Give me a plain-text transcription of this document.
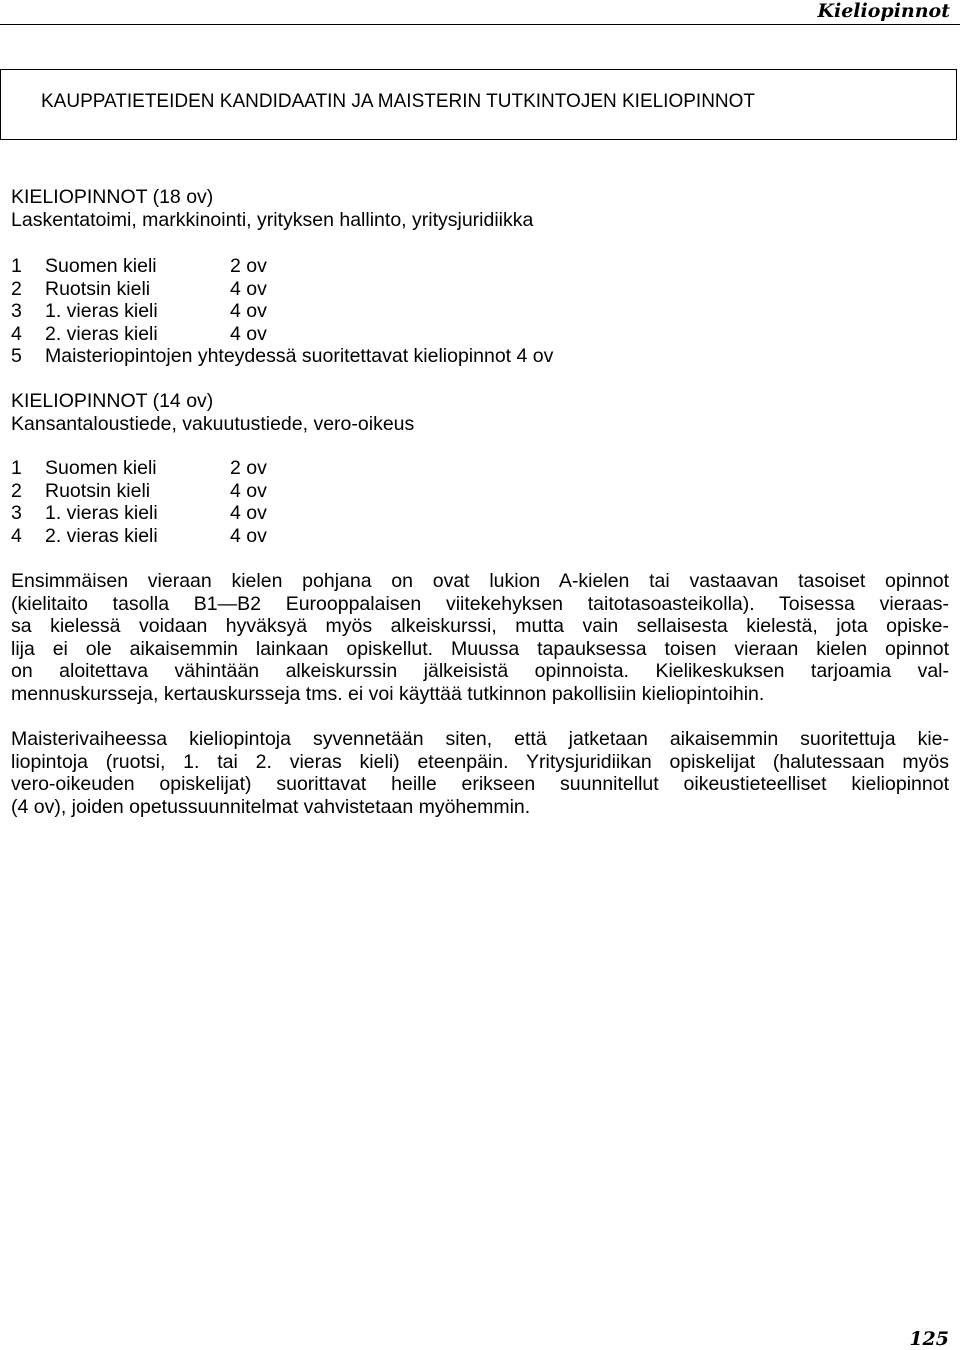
Kieliopinnot
KAUPPATIETEIDEN KANDIDAATIN JA MAISTERIN TUTKINTOJEN KIELIOPINNOT
KIELIOPINNOT (18 ov)
Laskentatoimi, markkinointi, yrityksen hallinto, yritysjuridiikka
1 Suomen kieli	2 ov
2 Ruotsin kieli	4 ov
3 1. vieras kieli	4 ov
4 2. vieras kieli	4 ov
5 Maisteriopintojen yhteydessä suoritettavat kieliopinnot 4 ov
KIELIOPINNOT (14 ov)
Kansantaloustiede, vakuutustiede, vero-oikeus
1 Suomen kieli	2 ov
2 Ruotsin kieli	4 ov
3 1. vieras kieli	4 ov
4 2. vieras kieli	4 ov
Ensimmäisen vieraan kielen pohjana on ovat lukion A-kielen tai vastaavan tasoiset opinnot
(kielitaito tasolla B1—B2 Eurooppalaisen viitekehyksen taitotasoasteikolla). Toisessa vieraas-
sa kielessä voidaan hyväksyä myös alkeiskurssi, mutta vain sellaisesta kielestä, jota opiske-
lija ei ole aikaisemmin lainkaan opiskellut. Muussa tapauksessa toisen vieraan kielen opinnot
on aloitettava vähintään alkeiskurssin jälkeisistä opinnoista. Kielikeskuksen tarjoamia val-
mennuskursseja, kertauskursseja tms. ei voi käyttää tutkinnon pakollisiin kieliopintoihin.
Maisterivaiheessa kieliopintoja syvennetään siten, että jatketaan aikaisemmin suoritettuja kie-
liopintoja (ruotsi, 1. tai 2. vieras kieli) eteenpäin. Yritysjuridiikan opiskelijat (halutessaan myös
vero-oikeuden opiskelijat) suorittavat heille erikseen suunnitellut oikeustieteelliset kieliopinnot
(4 ov), joiden opetussuunnitelmat vahvistetaan myöhemmin.
125
